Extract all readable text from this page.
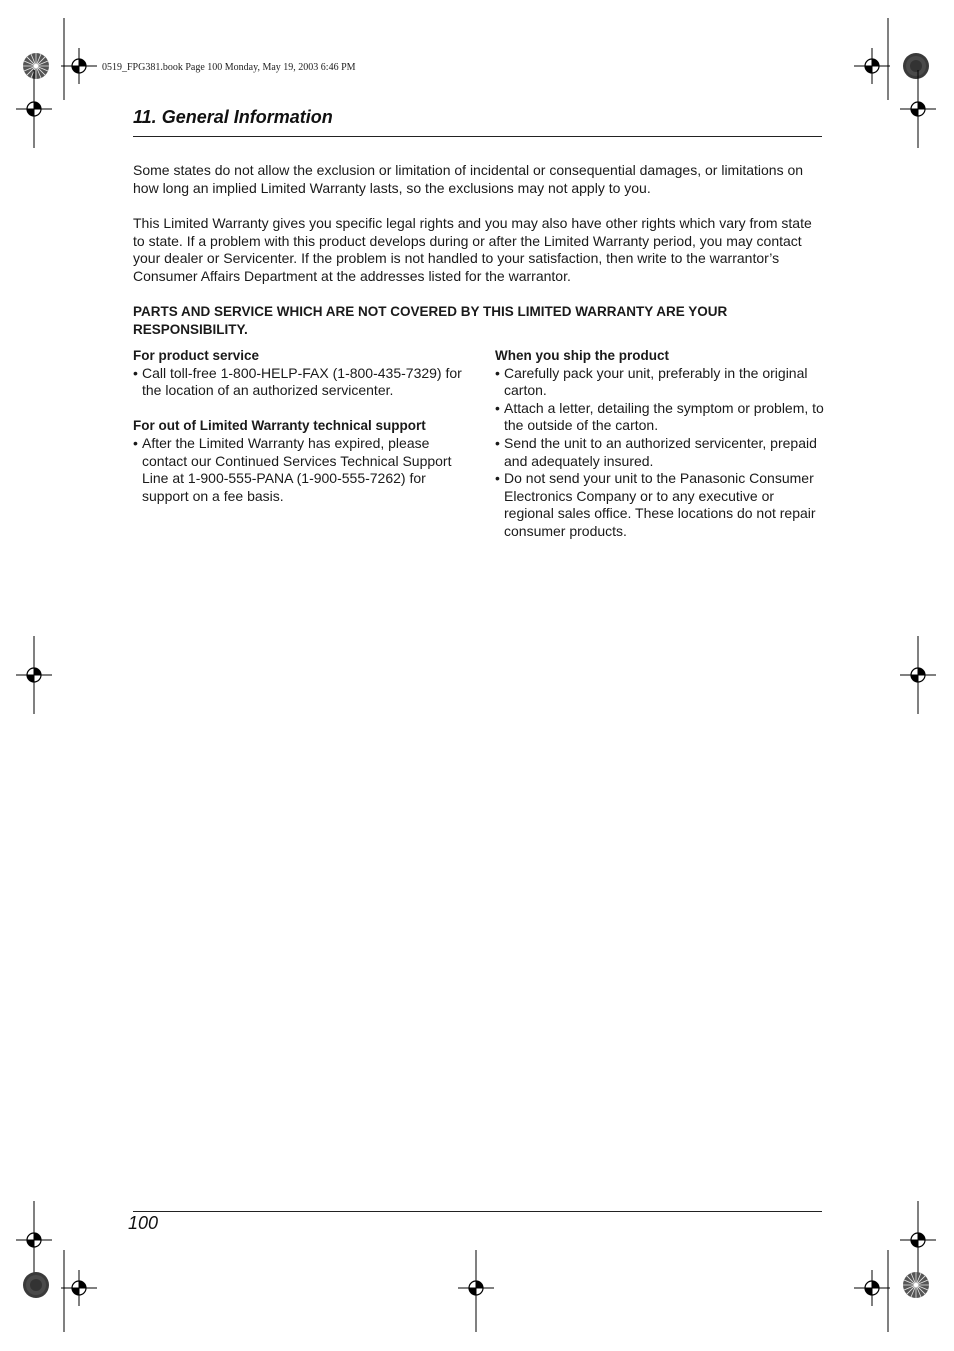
0519_FPG381.book Page 100 Monday, May 19, 2003 6:46 PM
11. General Information

Some states do not allow the exclusion or limitation of incidental or consequential damages, or limitations on how long an implied Limited Warranty lasts, so the exclusions may not apply to you.

This Limited Warranty gives you specific legal rights and you may also have other rights which vary from state to state. If a problem with this product develops during or after the Limited Warranty period, you may contact your dealer or Servicenter. If the problem is not handled to your satisfaction, then write to the warrantor’s Consumer Affairs Department at the addresses listed for the warrantor.

PARTS AND SERVICE WHICH ARE NOT COVERED BY THIS LIMITED WARRANTY ARE YOUR RESPONSIBILITY.

For product service
• Call toll-free 1-800-HELP-FAX (1-800-435-7329) for the location of an authorized servicenter.
For out of Limited Warranty technical support
• After the Limited Warranty has expired, please contact our Continued Services Technical Support Line at 1-900-555-PANA (1-900-555-7262) for support on a fee basis.
When you ship the product
• Carefully pack your unit, preferably in the original carton.
• Attach a letter, detailing the symptom or problem, to the outside of the carton.
• Send the unit to an authorized servicenter, prepaid and adequately insured.
• Do not send your unit to the Panasonic Consumer Electronics Company or to any executive or regional sales office. These locations do not repair consumer products.
100
